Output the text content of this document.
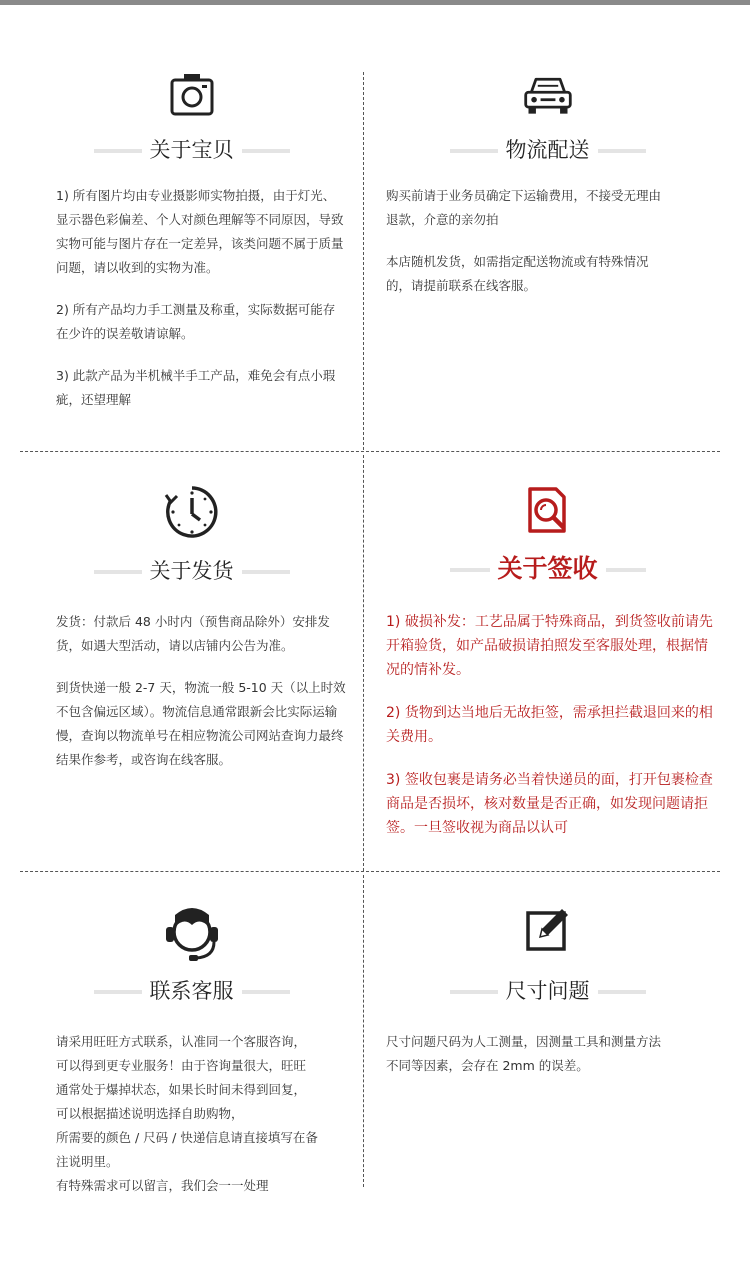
关于宝贝

1) 所有图片均由专业摄影师实物拍摄，由于灯光、显示器色彩偏差、个人对颜色理解等不同原因，导致实物可能与图片存在一定差异，该类问题不属于质量问题，请以收到的实物为准。

2) 所有产品均力手工测量及称重，实际数据可能存在少许的误差敬请谅解。

3) 此款产品为半机械半手工产品，难免会有点小瑕疵，还望理解

物流配送

购买前请于业务员确定下运输费用，不接受无理由退款，介意的亲勿拍

本店随机发货，如需指定配送物流或有特殊情况的，请提前联系在线客服。

关于发货

发货：付款后 48 小时内（预售商品除外）安排发货，如遇大型活动，请以店铺内公告为准。

到货快递一般 2-7 天，物流一般 5-10 天（以上时效不包含偏远区域）。物流信息通常跟新会比实际运输慢，查询以物流单号在相应物流公司网站查询力最终结果作参考，或咨询在线客服。

关于签收

1) 破损补发：工艺品属于特殊商品，到货签收前请先开箱验货，如产品破损请拍照发至客服处理，根据情况的情补发。

2) 货物到达当地后无故拒签，需承担拦截退回来的相关费用。

3) 签收包裹是请务必当着快递员的面，打开包裹检查商品是否损坏，核对数量是否正确，如发现问题请拒签。一旦签收视为商品以认可

联系客服

请采用旺旺方式联系，认准同一个客服咨询，

可以得到更专业服务！由于咨询量很大，旺旺

通常处于爆掉状态，如果长时间未得到回复，

可以根据描述说明选择自助购物，

所需要的颜色 / 尺码 / 快递信息请直接填写在备

注说明里。

有特殊需求可以留言，我们会一一处理

尺寸问题

尺寸问题尺码为人工测量，因测量工具和测量方法不同等因素，会存在 2mm 的误差。
